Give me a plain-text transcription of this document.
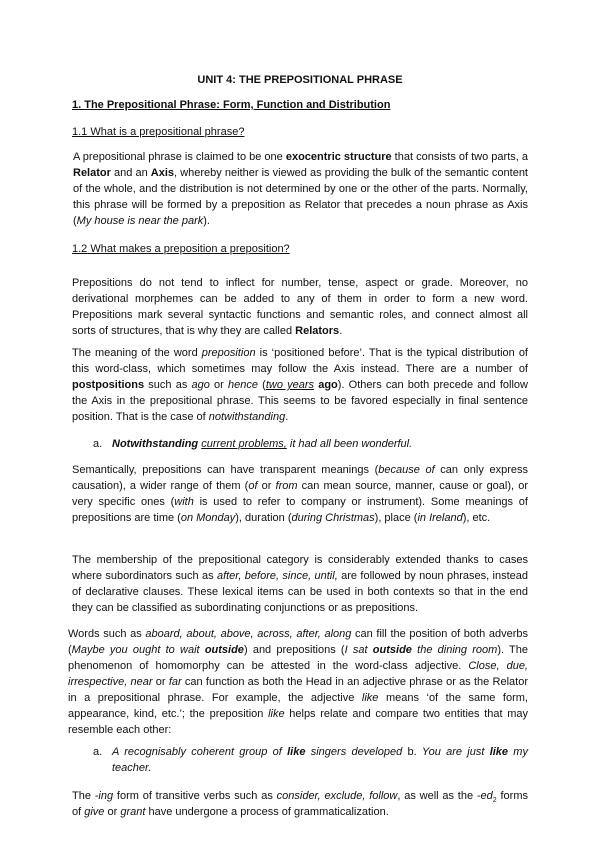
UNIT 4: THE PREPOSITIONAL PHRASE
1. The Prepositional Phrase: Form, Function and Distribution
1.1 What is a prepositional phrase?
A prepositional phrase is claimed to be one exocentric structure that consists of two parts, a Relator and an Axis, whereby neither is viewed as providing the bulk of the semantic content of the whole, and the distribution is not determined by one or the other of the parts. Normally, this phrase will be formed by a preposition as Relator that precedes a noun phrase as Axis (My house is near the park).
1.2 What makes a preposition a preposition?
Prepositions do not tend to inflect for number, tense, aspect or grade. Moreover, no derivational morphemes can be added to any of them in order to form a new word. Prepositions mark several syntactic functions and semantic roles, and connect almost all sorts of structures, that is why they are called Relators.
The meaning of the word preposition is ‘positioned before’. That is the typical distribution of this word-class, which sometimes may follow the Axis instead. There are a number of postpositions such as ago or hence (two years ago). Others can both precede and follow the Axis in the prepositional phrase. This seems to be favored especially in final sentence position. That is the case of notwithstanding.
a. Notwithstanding current problems, it had all been wonderful.
Semantically, prepositions can have transparent meanings (because of can only express causation), a wider range of them (of or from can mean source, manner, cause or goal), or very specific ones (with is used to refer to company or instrument). Some meanings of prepositions are time (on Monday), duration (during Christmas), place (in Ireland), etc.
The membership of the prepositional category is considerably extended thanks to cases where subordinators such as after, before, since, until, are followed by noun phrases, instead of declarative clauses. These lexical items can be used in both contexts so that in the end they can be classified as subordinating conjunctions or as prepositions.
Words such as aboard, about, above, across, after, along can fill the position of both adverbs (Maybe you ought to wait outside) and prepositions (I sat outside the dining room). The phenomenon of homomorphy can be attested in the word-class adjective. Close, due, irrespective, near or far can function as both the Head in an adjective phrase or as the Relator in a prepositional phrase. For example, the adjective like means ‘of the same form, appearance, kind, etc.’; the preposition like helps relate and compare two entities that may resemble each other:
a. A recognisably coherent group of like singers developed b. You are just like my teacher.
The -ing form of transitive verbs such as consider, exclude, follow, as well as the $-ed_2$ forms of give or grant have undergone a process of grammaticalization.
